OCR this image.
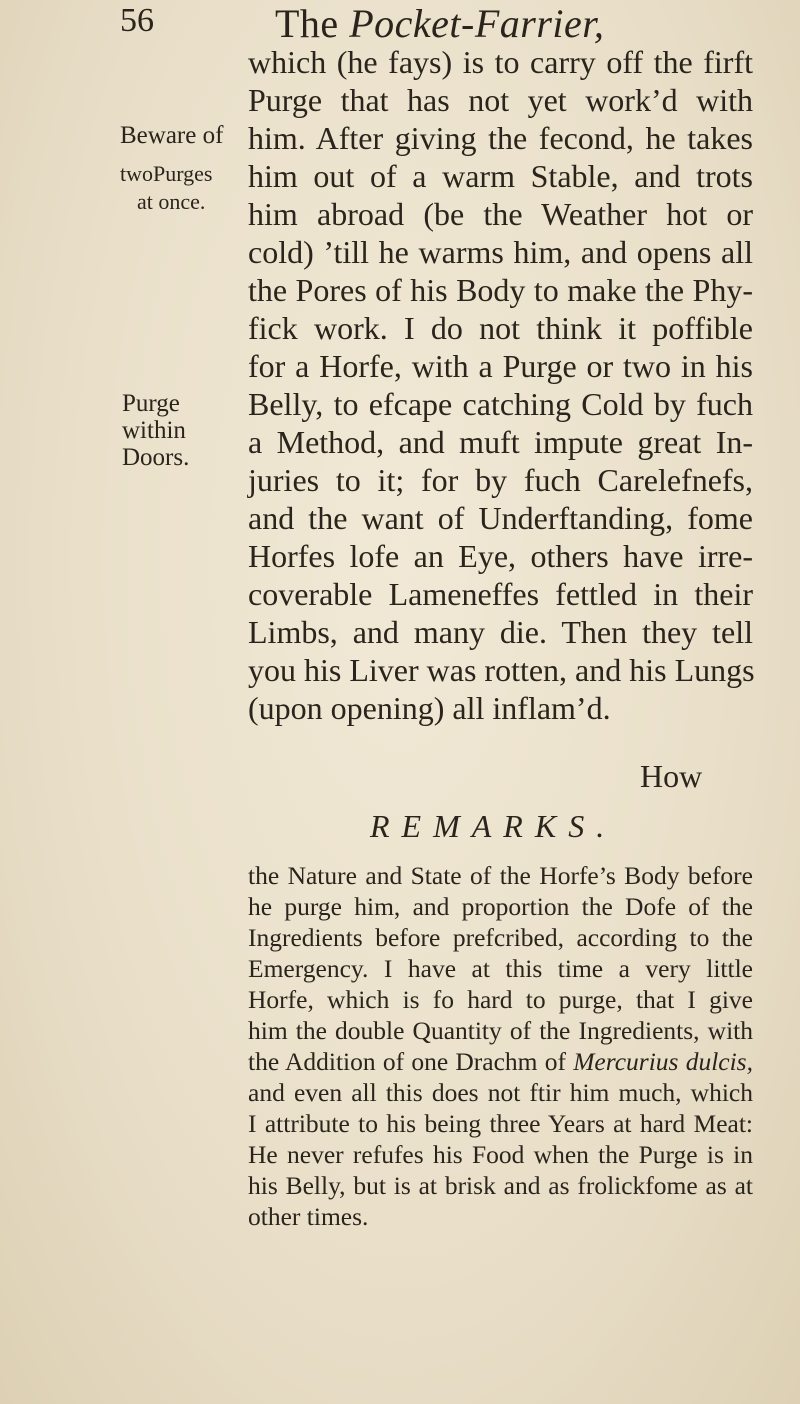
56	The Pocket-Farrier,
which (he fays) is to carry off the firft
Purge that has not yet work’d with
him. After giving the fecond, he takes
him out of a warm Stable, and trots
him abroad (be the Weather hot or
cold) ’till he warms him, and opens all
the Pores of his Body to make the Phy-
fick work. I do not think it poffible
for a Horfe, with a Purge or two in his
Belly, to efcape catching Cold by fuch
a Method, and muft impute great In-
juries to it; for by fuch Carelefnefs,
and the want of Underftanding, fome
Horfes lofe an Eye, others have irre-
coverable Lameneffes fettled in their
Limbs, and many die. Then they tell
you his Liver was rotten, and his Lungs
(upon opening) all inflam’d.
Beware of
twoPurges
at once.
Purge
within
Doors.
How
REMARKS.
the Nature and State of the Horfe’s Body before
he purge him, and proportion the Dofe of the
Ingredients before prefcribed, according to the
Emergency. I have at this time a very little
Horfe, which is fo hard to purge, that I give
him the double Quantity of the Ingredients, with
the Addition of one Drachm of Mercurius dulcis,
and even all this does not ftir him much, which
I attribute to his being three Years at hard Meat:
He never refufes his Food when the Purge is in
his Belly, but is at brisk and as frolickfome as at
other times.
